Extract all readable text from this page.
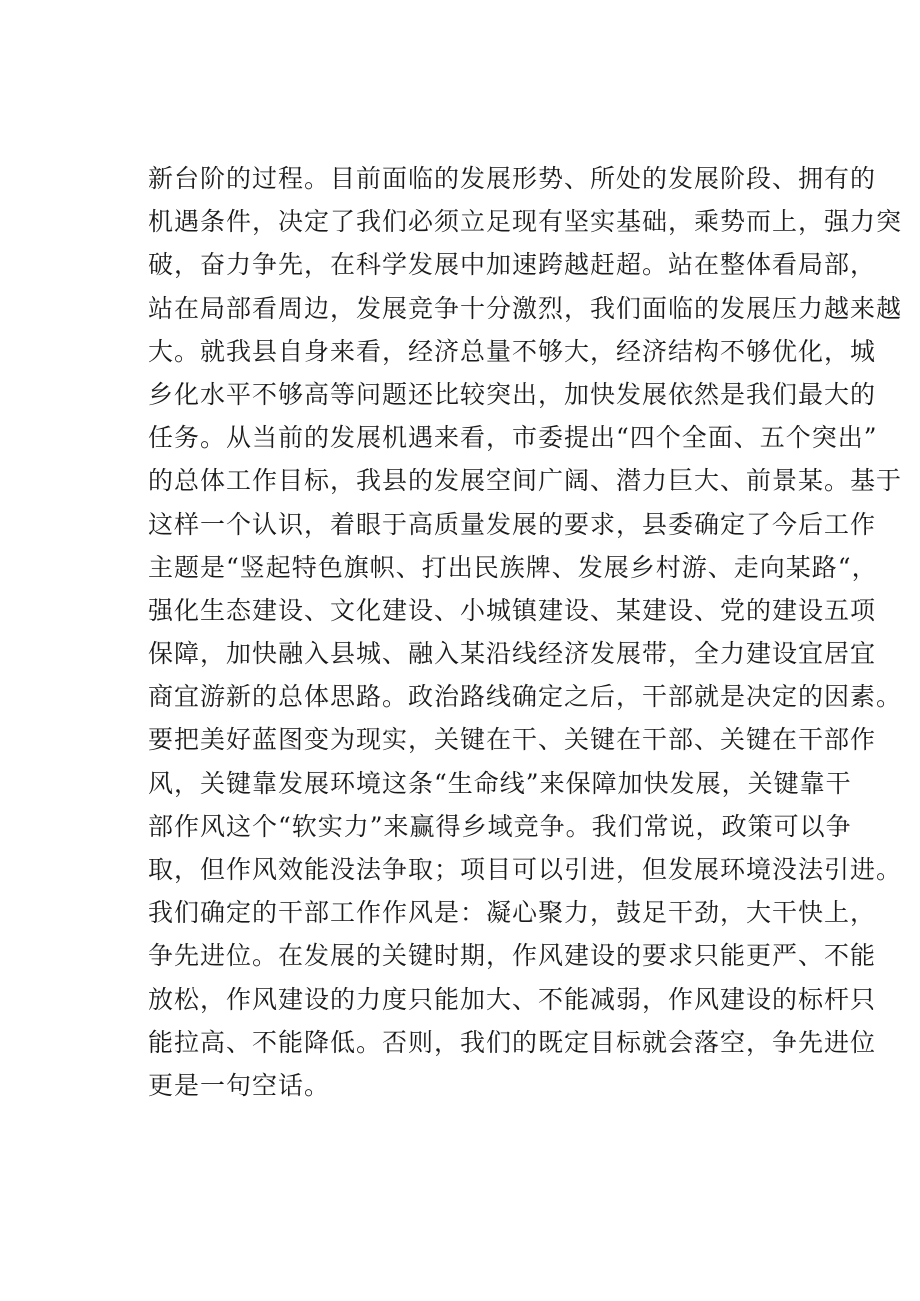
新台阶的过程。目前面临的发展形势、所处的发展阶段、拥有的
机遇条件，决定了我们必须立足现有坚实基础，乘势而上，强力突
破，奋力争先，在科学发展中加速跨越赶超。站在整体看局部，
站在局部看周边，发展竞争十分激烈，我们面临的发展压力越来越
大。就我县自身来看，经济总量不够大，经济结构不够优化，城
乡化水平不够高等问题还比较突出，加快发展依然是我们最大的
任务。从当前的发展机遇来看，市委提出“四个全面、五个突出”
的总体工作目标，我县的发展空间广阔、潜力巨大、前景某。基于
这样一个认识，着眼于高质量发展的要求，县委确定了今后工作
主题是“竖起特色旗帜、打出民族牌、发展乡村游、走向某路“，
强化生态建设、文化建设、小城镇建设、某建设、党的建设五项
保障，加快融入县城、融入某沿线经济发展带，全力建设宜居宜
商宜游新的总体思路。政治路线确定之后，干部就是决定的因素。
要把美好蓝图变为现实，关键在干、关键在干部、关键在干部作
风，关键靠发展环境这条“生命线”来保障加快发展，关键靠干
部作风这个“软实力”来赢得乡域竞争。我们常说，政策可以争
取，但作风效能没法争取；项目可以引进，但发展环境没法引进。
我们确定的干部工作作风是：凝心聚力，鼓足干劲，大干快上，
争先进位。在发展的关键时期，作风建设的要求只能更严、不能
放松，作风建设的力度只能加大、不能减弱，作风建设的标杆只
能拉高、不能降低。否则，我们的既定目标就会落空，争先进位
更是一句空话。
